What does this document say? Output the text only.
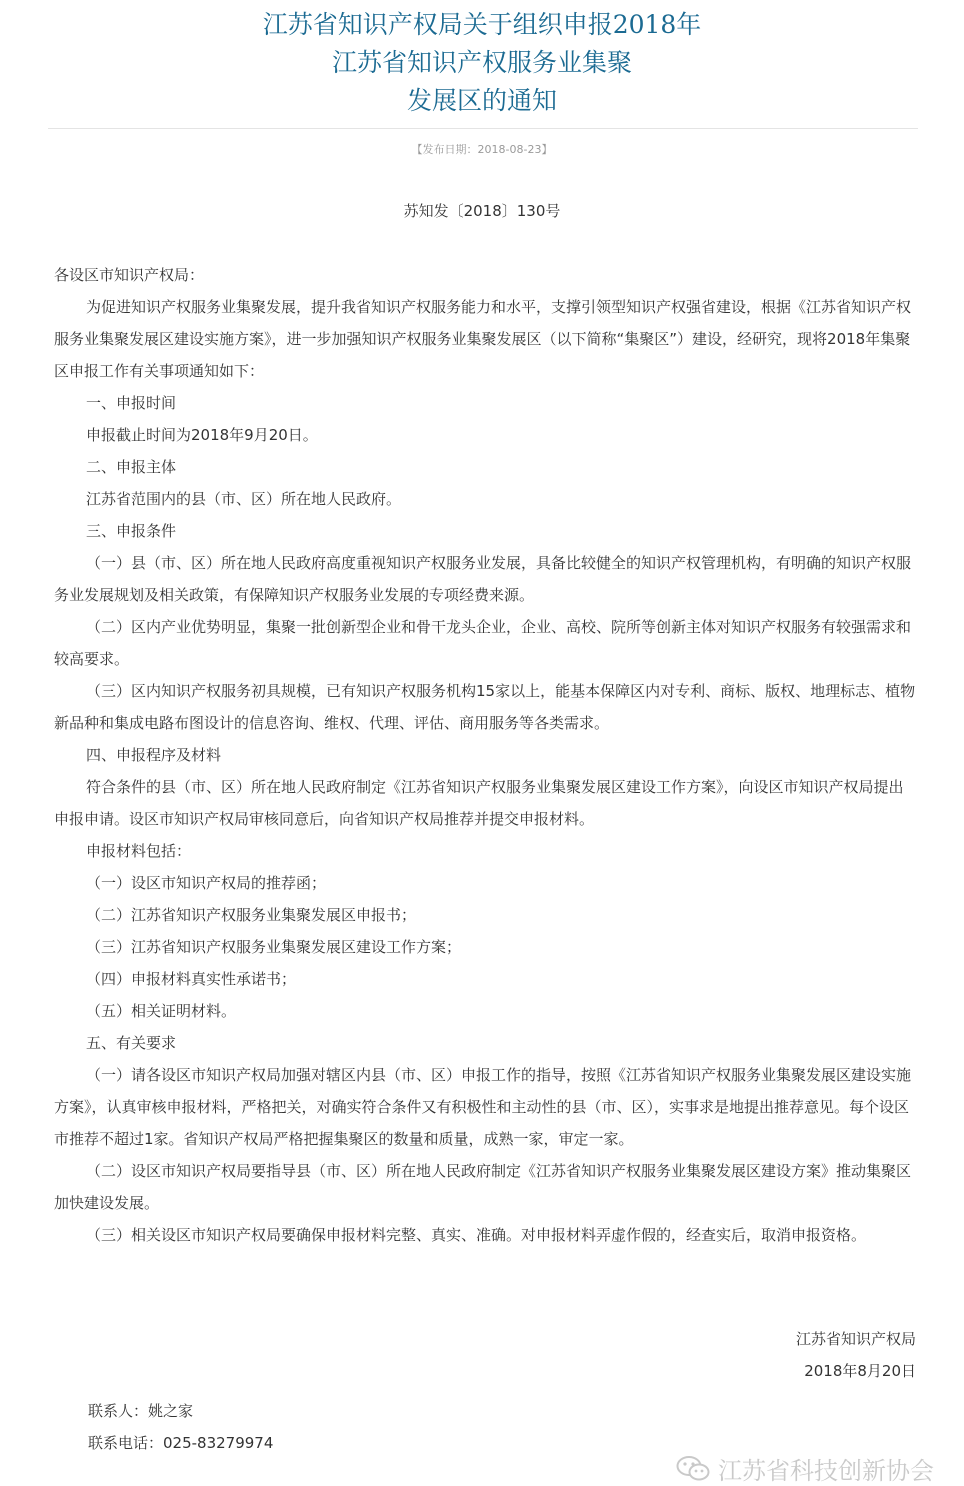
江苏省知识产权局关于组织申报2018年
江苏省知识产权服务业集聚
发展区的通知
【发布日期：2018-08-23】
苏知发〔2018〕130号

各设区市知识产权局：

为促进知识产权服务业集聚发展，提升我省知识产权服务能力和水平，支撑引领型知识产权强省建设，根据《江苏省知识产权服务业集聚发展区建设实施方案》，进一步加强知识产权服务业集聚发展区（以下简称“集聚区”）建设，经研究，现将2018年集聚区申报工作有关事项通知如下：

一、申报时间

申报截止时间为2018年9月20日。

二、申报主体

江苏省范围内的县（市、区）所在地人民政府。

三、申报条件

（一）县（市、区）所在地人民政府高度重视知识产权服务业发展，具备比较健全的知识产权管理机构，有明确的知识产权服务业发展规划及相关政策，有保障知识产权服务业发展的专项经费来源。

（二）区内产业优势明显，集聚一批创新型企业和骨干龙头企业，企业、高校、院所等创新主体对知识产权服务有较强需求和较高要求。

（三）区内知识产权服务初具规模，已有知识产权服务机构15家以上，能基本保障区内对专利、商标、版权、地理标志、植物新品种和集成电路布图设计的信息咨询、维权、代理、评估、商用服务等各类需求。

四、申报程序及材料

符合条件的县（市、区）所在地人民政府制定《江苏省知识产权服务业集聚发展区建设工作方案》，向设区市知识产权局提出申报申请。设区市知识产权局审核同意后，向省知识产权局推荐并提交申报材料。

申报材料包括：

（一）设区市知识产权局的推荐函；

（二）江苏省知识产权服务业集聚发展区申报书；

（三）江苏省知识产权服务业集聚发展区建设工作方案；

（四）申报材料真实性承诺书；

（五）相关证明材料。

五、有关要求

（一）请各设区市知识产权局加强对辖区内县（市、区）申报工作的指导，按照《江苏省知识产权服务业集聚发展区建设实施方案》，认真审核申报材料，严格把关，对确实符合条件又有积极性和主动性的县（市、区），实事求是地提出推荐意见。每个设区市推荐不超过1家。省知识产权局严格把握集聚区的数量和质量，成熟一家，审定一家。

（二）设区市知识产权局要指导县（市、区）所在地人民政府制定《江苏省知识产权服务业集聚发展区建设方案》推动集聚区加快建设发展。

（三）相关设区市知识产权局要确保申报材料完整、真实、准确。对申报材料弄虚作假的，经查实后，取消申报资格。

江苏省知识产权局
2018年8月20日
联系人：姚之家
联系电话：025-83279974
江苏省科技创新协会
